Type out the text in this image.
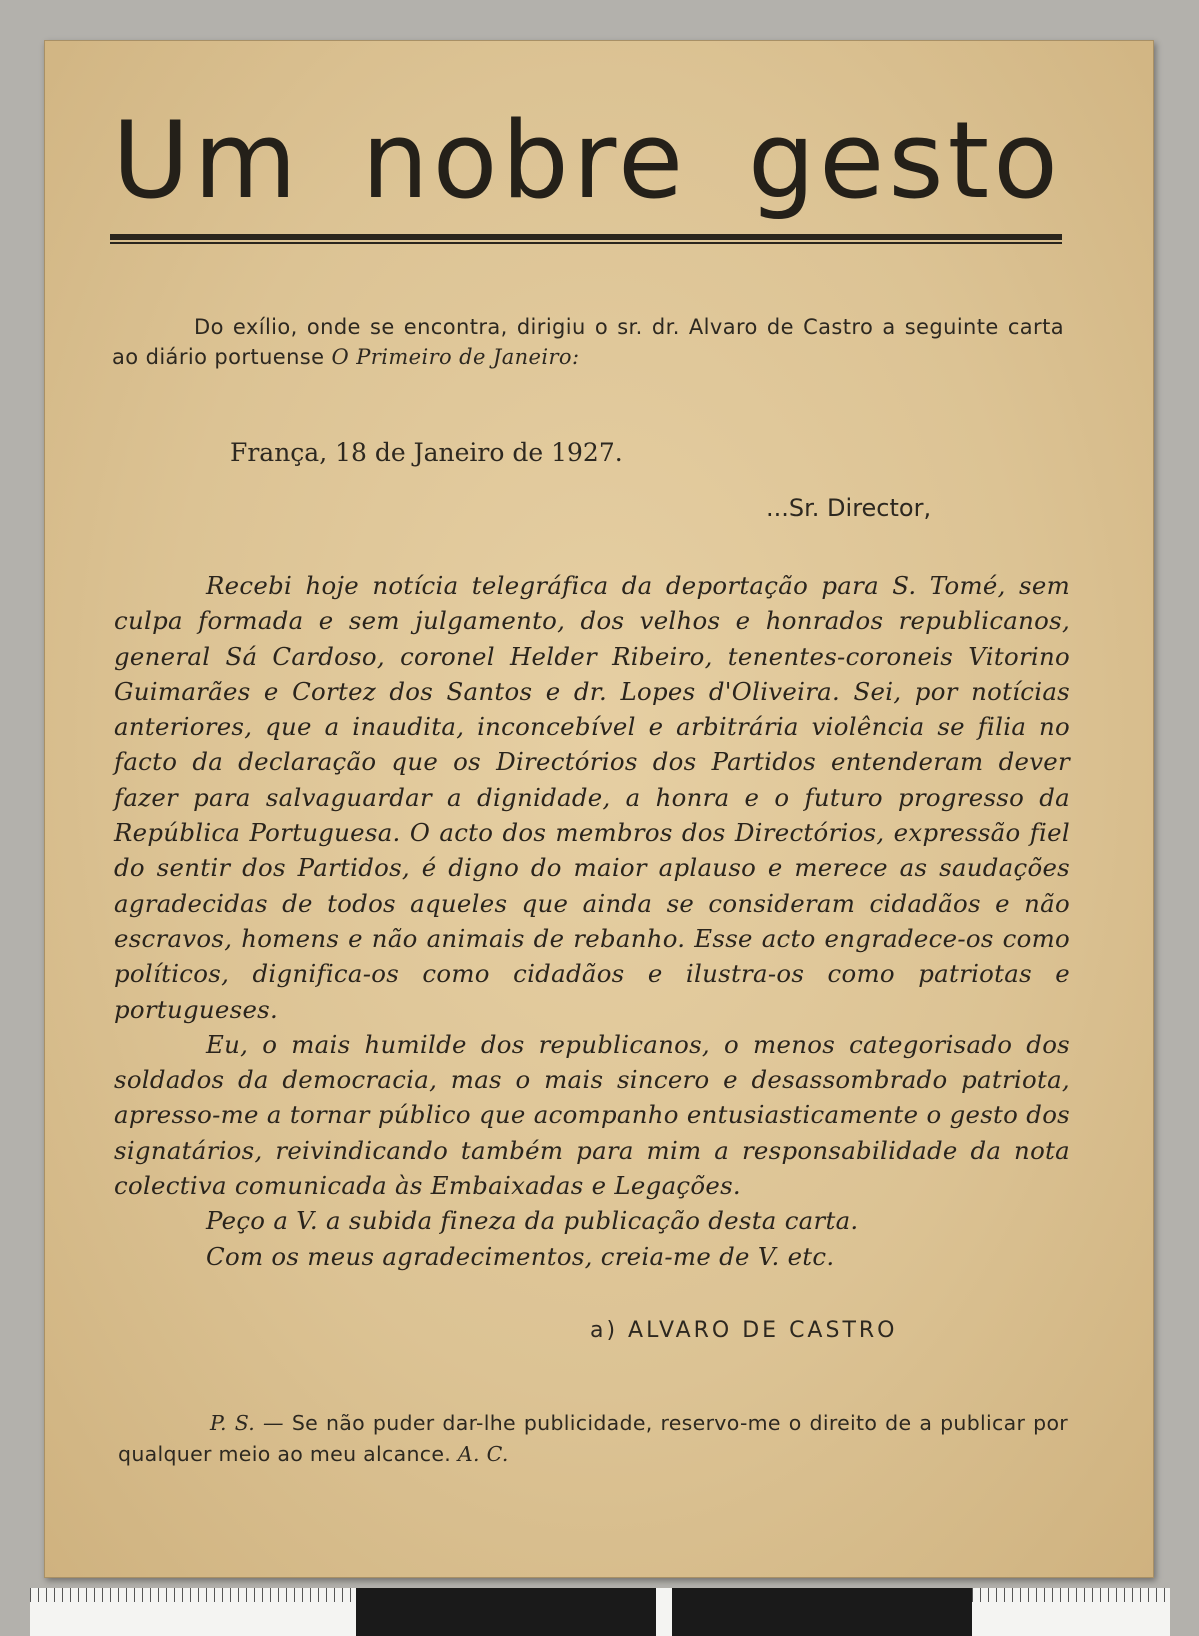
Um nobre gesto
Do exílio, onde se encontra, dirigiu o sr. dr. Alvaro de Castro a seguinte carta ao diário portuense O Primeiro de Janeiro:
França, 18 de Janeiro de 1927.
...Sr. Director,

Recebi hoje notícia telegráfica da deportação para S. Tomé, sem culpa formada e sem julgamento, dos velhos e honrados republicanos, general Sá Cardoso, coronel Helder Ribeiro, tenentes-coroneis Vitorino Guimarães e Cortez dos Santos e dr. Lopes d'Oliveira. Sei, por notícias anteriores, que a inaudita, inconcebível e arbitrária violência se filia no facto da declaração que os Directórios dos Partidos entenderam dever fazer para salvaguardar a dignidade, a honra e o futuro progresso da República Portuguesa. O acto dos membros dos Directórios, expressão fiel do sentir dos Partidos, é digno do maior aplauso e merece as saudações agradecidas de todos aqueles que ainda se consideram cidadãos e não escravos, homens e não animais de rebanho. Esse acto engradece-os como políticos, dignifica-os como cidadãos e ilustra-os como patriotas e portugueses.

Eu, o mais humilde dos republicanos, o menos categorisado dos soldados da democracia, mas o mais sincero e desassombrado patriota, apresso-me a tornar público que acompanho entusiasticamente o gesto dos signatários, reivindicando também para mim a responsabilidade da nota colectiva comunicada às Embaixadas e Legações.

Peço a V. a subida fineza da publicação desta carta.

Com os meus agradecimentos, creia-me de V. etc.

a) ALVARO DE CASTRO
P. S. — Se não puder dar-lhe publicidade, reservo-me o direito de a publicar por qualquer meio ao meu alcance. A. C.
